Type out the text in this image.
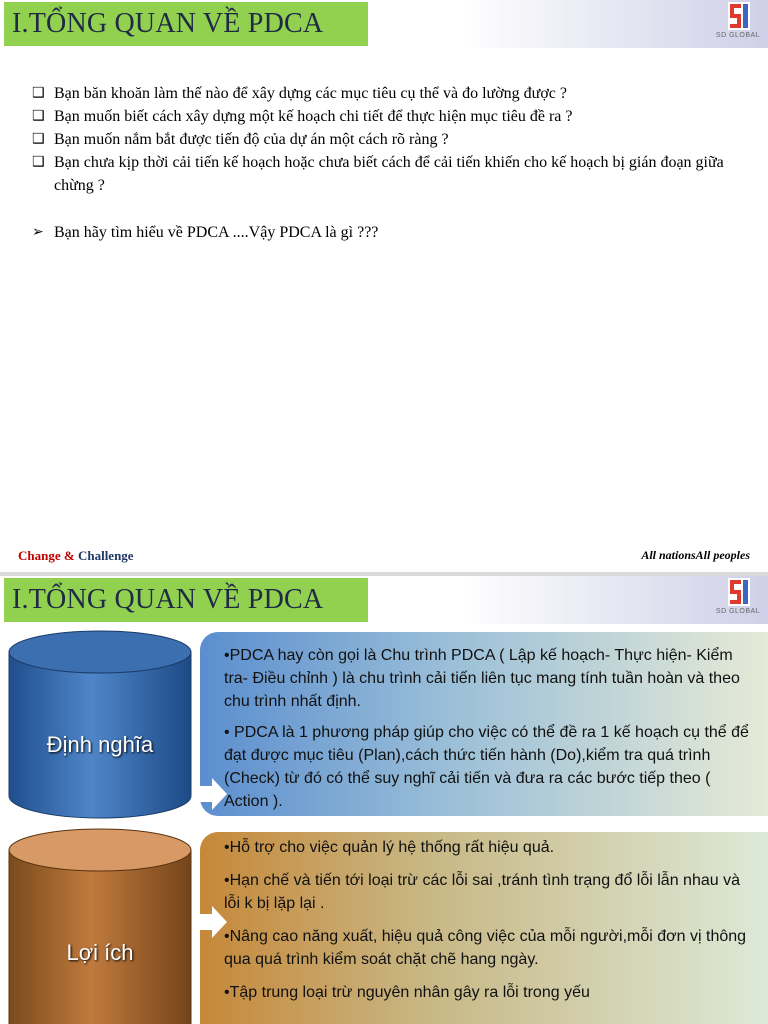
I.TỔNG QUAN VỀ PDCA	SD GLOBAL
❑ Bạn băn khoăn làm thế nào để xây dựng các mục tiêu cụ thể và đo lường được ?
❑ Bạn muốn biết cách xây dựng một kế hoạch chi tiết để thực hiện mục tiêu đề ra ?
❑ Bạn muốn nắm bắt được tiến độ của dự án một cách rõ ràng ?
❑ Bạn chưa kịp thời cải tiến kế hoạch hoặc chưa biết cách để cải tiến khiến cho kế hoạch bị gián đoạn giữa chừng ?
➢ Bạn hãy tìm hiểu về PDCA ....Vậy PDCA là gì ???
Change & Challenge	All nationsAll peoples
I.TỔNG QUAN VỀ PDCA	SD GLOBAL
Định nghĩa
Lợi ích

•PDCA hay còn gọi là Chu trình PDCA ( Lập kế hoạch- Thực hiện- Kiểm tra- Điều chỉnh ) là chu trình cải tiến liên tục mang tính tuần hoàn và theo chu trình nhất định.

• PDCA là 1 phương pháp giúp cho việc có thể đề ra 1 kế hoạch cụ thể để đạt được mục tiêu (Plan),cách thức tiến hành (Do),kiểm tra quá trình (Check) từ đó có thể suy nghĩ cải tiến và đưa ra các bước tiếp theo ( Action ).

•Hỗ trợ cho việc quản lý hệ thống rất hiệu quả.

•Hạn chế và tiến tới loại trừ các lỗi sai ,tránh tình trạng đổ lỗi lẫn nhau và lỗi k bị lặp lại .

•Nâng cao năng xuất, hiệu quả công việc của mỗi người,mỗi đơn vị thông qua quá trình kiểm soát chặt chẽ hang ngày.

•Tập trung loại trừ nguyên nhân gây ra lỗi trong yếu
